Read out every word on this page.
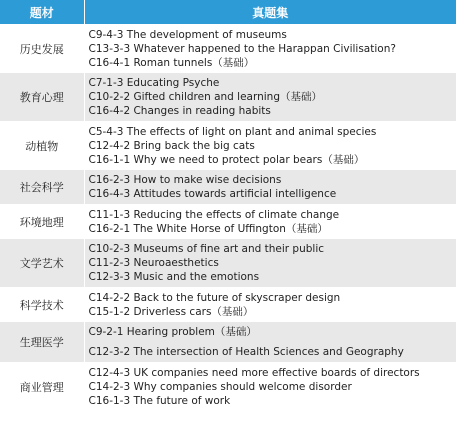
题材	真题集
历史发展	C9-4-3 The development of museums
C13-3-3 Whatever happened to the Harappan Civilisation?
C16-4-1 Roman tunnels（基础）

教育心理	C7-1-3 Educating Psyche
C10-2-2 Gifted children and learning（基础）
C16-4-2 Changes in reading habits

动植物	C5-4-3 The effects of light on plant and animal species
C12-4-2 Bring back the big cats
C16-1-1 Why we need to protect polar bears（基础）

社会科学	C16-2-3 How to make wise decisions
C16-4-3 Attitudes towards artificial intelligence

环境地理	C11-1-3 Reducing the effects of climate change
C16-2-1 The White Horse of Uffington（基础）

文学艺术	C10-2-3 Museums of fine art and their public
C11-2-3 Neuroaesthetics
C12-3-3 Music and the emotions

科学技术	C14-2-2 Back to the future of skyscraper design
C15-1-2 Driverless cars（基础）

生理医学	C9-2-1 Hearing problem（基础）

	C12-3-2 The intersection of Health Sciences and Geography

商业管理	C12-4-3 UK companies need more effective boards of directors
C14-2-3 Why companies should welcome disorder
C16-1-3 The future of work
